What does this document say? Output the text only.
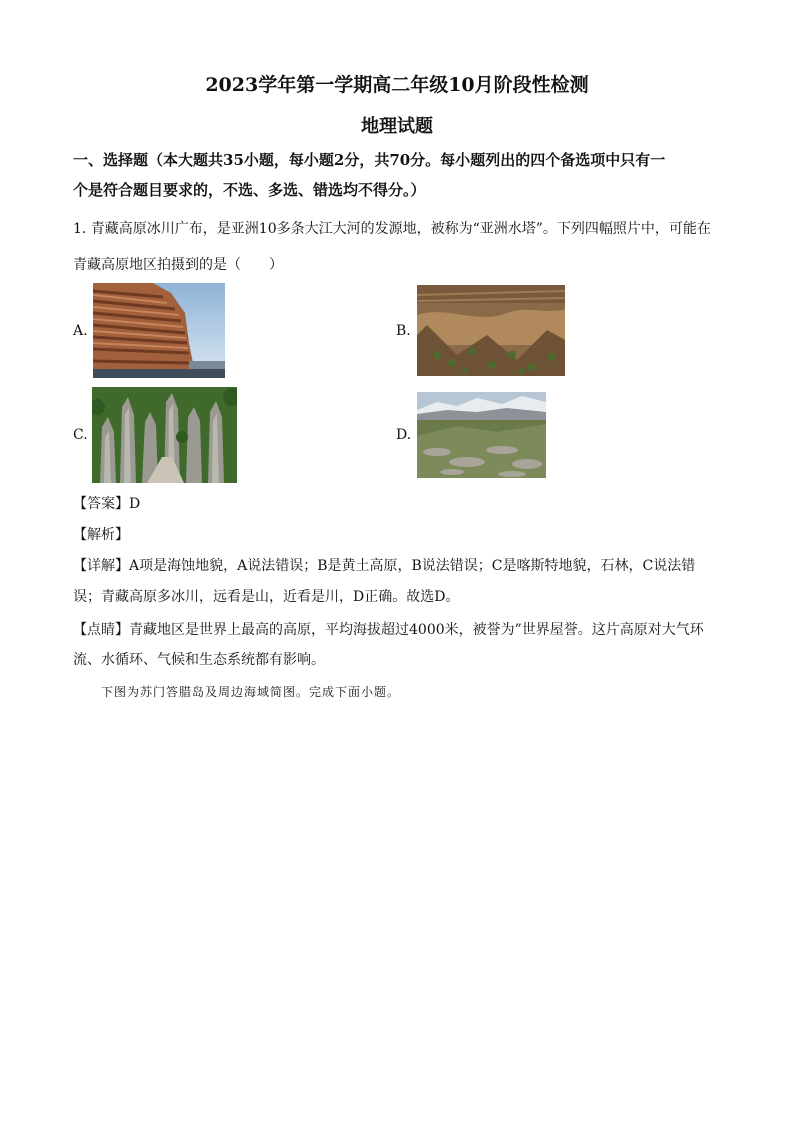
2023学年第一学期高二年级10月阶段性检测
地理试题
一、选择题（本大题共35小题，每小题2分，共70分。每小题列出的四个备选项中只有一
个是符合题目要求的，不选、多选、错选均不得分。）
1. 青藏高原冰川广布，是亚洲10多条大江大河的发源地，被称为“亚洲水塔”。下列四幅照片中，可能在
青藏高原地区拍摄到的是（　　）
A.	B.
C.	D.
【答案】D
【解析】
【详解】A项是海蚀地貌，A说法错误；B是黄土高原，B说法错误；C是喀斯特地貌，石林，C说法错
误；青藏高原多冰川，远看是山，近看是川，D正确。故选D。
【点睛】青藏地区是世界上最高的高原，平均海拔超过4000米，被誉为”世界屋誉。这片高原对大气环
流、水循环、气候和生态系统都有影响。
下图为苏门答腊岛及周边海域简图。完成下面小题。
